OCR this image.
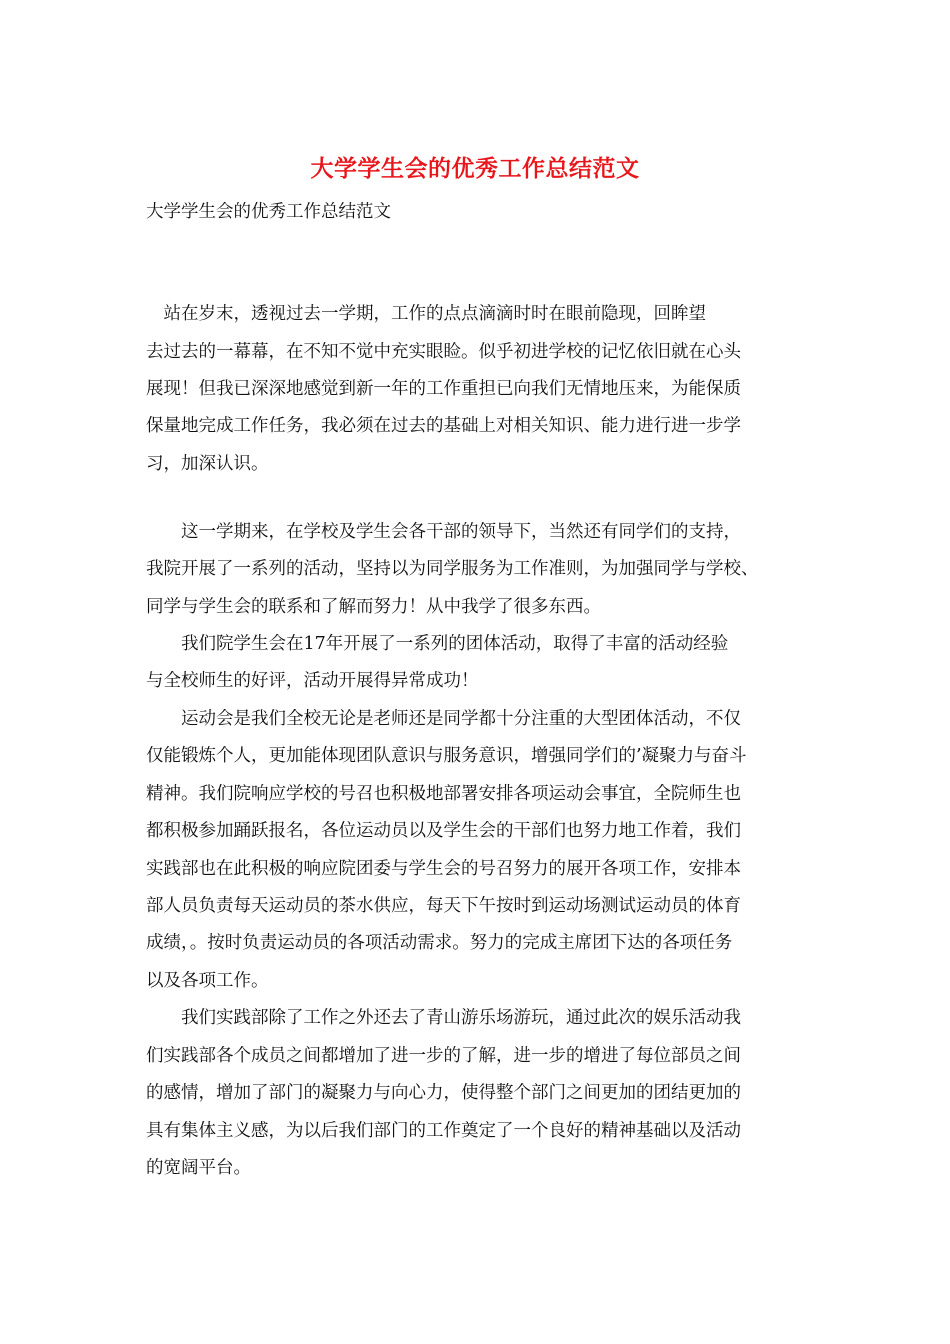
大学学生会的优秀工作总结范文

大学学生会的优秀工作总结范文

　站在岁末，透视过去一学期，工作的点点滴滴时时在眼前隐现，回眸望

去过去的一幕幕，在不知不觉中充实眼睑。似乎初进学校的记忆依旧就在心头

展现！但我已深深地感觉到新一年的工作重担已向我们无情地压来，为能保质

保量地完成工作任务，我必须在过去的基础上对相关知识、能力进行进一步学

习，加深认识。

这一学期来，在学校及学生会各干部的领导下，当然还有同学们的支持，

我院开展了一系列的活动，坚持以为同学服务为工作准则，为加强同学与学校、

同学与学生会的联系和了解而努力！从中我学了很多东西。

我们院学生会在17年开展了一系列的团体活动，取得了丰富的活动经验

与全校师生的好评，活动开展得异常成功！

运动会是我们全校无论是老师还是同学都十分注重的大型团体活动，不仅

仅能锻炼个人，更加能体现团队意识与服务意识，增强同学们的’凝聚力与奋斗

精神。我们院响应学校的号召也积极地部署安排各项运动会事宜，全院师生也

都积极参加踊跃报名，各位运动员以及学生会的干部们也努力地工作着，我们

实践部也在此积极的响应院团委与学生会的号召努力的展开各项工作，安排本

部人员负责每天运动员的茶水供应，每天下午按时到运动场测试运动员的体育

成绩，。按时负责运动员的各项活动需求。努力的完成主席团下达的各项任务

以及各项工作。

我们实践部除了工作之外还去了青山游乐场游玩，通过此次的娱乐活动我

们实践部各个成员之间都增加了进一步的了解，进一步的增进了每位部员之间

的感情，增加了部门的凝聚力与向心力，使得整个部门之间更加的团结更加的

具有集体主义感，为以后我们部门的工作奠定了一个良好的精神基础以及活动

的宽阔平台。
